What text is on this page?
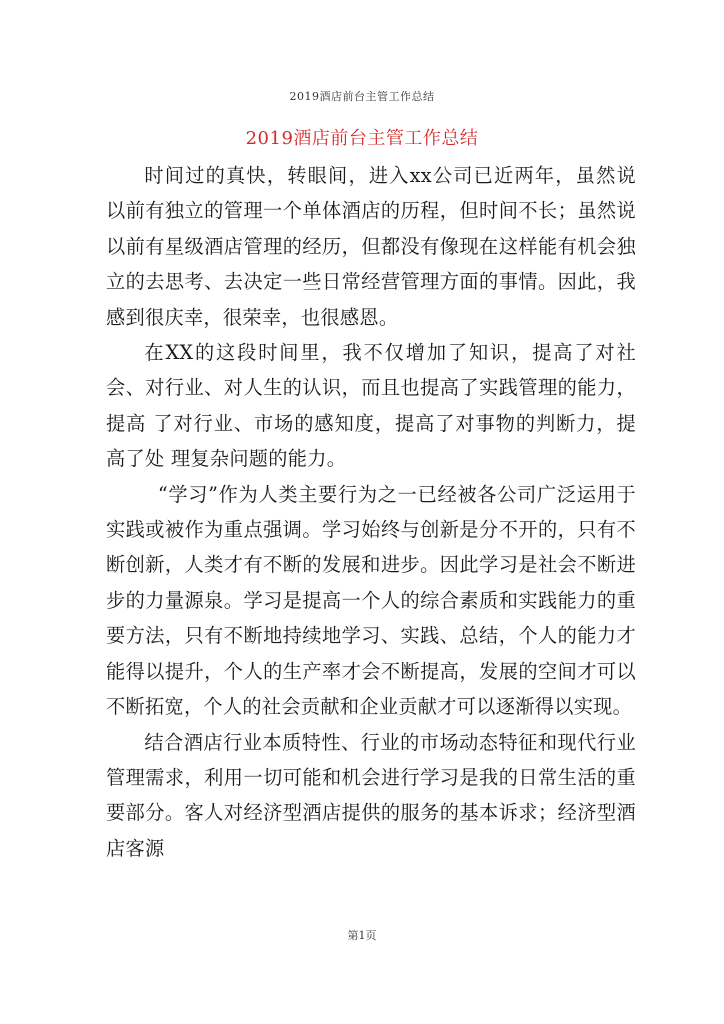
2019酒店前台主管工作总结
2019酒店前台主管工作总结

时间过的真快，转眼间，进入xx公司已近两年，虽然说 以前有独立的管理一个单体酒店的历程，但时间不长；虽然说 以前有星级酒店管理的经历，但都没有像现在这样能有机会独 立的去思考、去决定一些日常经营管理方面的事情。因此，我 感到很庆幸，很荣幸，也很感恩。

在XX的这段时间里，我不仅增加了知识，提高了对社会、对行业、对人生的认识，而且也提高了实践管理的能力，提高 了对行业、市场的感知度，提高了对事物的判断力，提高了处 理复杂问题的能力。

“学习”作为人类主要行为之一已经被各公司广泛运用于实践或被作为重点强调。学习始终与创新是分不开的，只有不 断创新，人类才有不断的发展和进步。因此学习是社会不断进 步的力量源泉。学习是提高一个人的综合素质和实践能力的重 要方法，只有不断地持续地学习、实践、总结，个人的能力才 能得以提升，个人的生产率才会不断提高，发展的空间才可以 不断拓宽，个人的社会贡献和企业贡献才可以逐渐得以实现。

结合酒店行业本质特性、行业的市场动态特征和现代行业 管理需求，利用一切可能和机会进行学习是我的日常生活的重 要部分。客人对经济型酒店提供的服务的基本诉求；经济型酒 店客源

第1页
